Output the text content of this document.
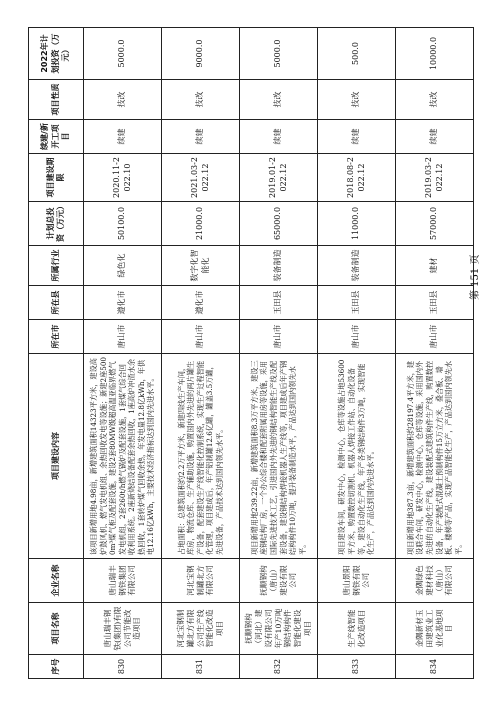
序号	项目名称	企业名称	项目建设内容	所在市	所在县	所属行业	计划总投资（万元）	项目建设期限	续建/新开工项目	项目性质	2022年计划投资（万元）
830	唐山瑞丰钢铁(集团)有限公司节能改造项目	唐山瑞丰钢铁集团有限公司	该项目新增用地4.98亩，新增建筑面积14323平方米，建设高炉鼓风机、燃气发电机组、余热回收发电等设施；新建2座5000m³煤气柜及配套设施，建设2套80MW级超高温亚临界燃气发电机组，2套260t/h燃气锅炉及配套设施，1套煤气综合回收利用系统。2座新烧结设备配套余热回收，1座高炉冲渣水余热回收，1套转炉煤气回收余热，年发电量12.8亿kWh，年供电12.16亿kWh，主要技术经济指标达到国内先进水平。	唐山市	遵化市	绿色化	50100.0	2020.11-2022.10	续建	技改	5000.0
831	河北宝钢制罐北方有限公司生产线智能化改造项目	河北宝钢制罐北方有限公司	占地面积：总建筑面积约2.2万平方米，新建四线生产车间，库房，物流仓库、生产辅助设施，购置国内外先进的两片罐生产设备，配套建设生产线智能化控制系统，实现生产过程智能化管理，项目建成后，年产铝制罐12.6亿罐，罐盖3.5万罐，先进设备，产品技术达到国内领先水平。	唐山市	遵化市	数字化智能化	21000.0	2021.03-2022.12	续建	技改	9000.0
832	抚顺钢构（河北）建设有限公司年产10万吨钢结构构件智能化建设项目	抚顺钢构（唐山）建设有限公司	项目新增用地239.22亩，新增建筑面积8.3万平方米，建设三座钢结构厂房，一个办公综合楼和配套附属用房等设施，采用国际先进技术工艺，引进国内外先进的钢结构智能生产线及配套设备，建设钢结构焊接机器人生产线等，项目建成后年产钢结构构件10万吨，提升装备制造水平，产品达到国内领先水平。	唐山市	玉田县	装备制造	65000.0	2019.01-2022.12	续建	技改	5000.0
833	生产线智能化改造项目	唐山景阳钢铁有限公司	项目建设车间，研发中心，检测中心，仓库等设施占地53600平方米，购置数控切割机、机器人焊接工作站、自动化设备等，建设自动化生产线，年产各类钢结构件3万吨，实现智能化生产，产品达到国内先进水平。	唐山市	玉田县	装备制造	11000.0	2018.08-2022.12	续建	技改	500.0
834	金隅新材玉田建筑业工业化基地项目	金隅绿色建材科技（唐山）有限公司	项目新增用地387.3亩，新增建筑面积约28197.4平方米，建设联合车间，研发中心，检测中心，仓库等设施，采用国内外先进的自动化生产线，建设装配式建筑构件生产线，购置数控设备，年产装配式混凝土预制构件15万立方米，叠合板、墙板、楼梯等产品，实现产品智能化生产，产品达到国内领先水平。	唐山市	玉田县	建材	57000.0	2019.03-2022.12	续建	技改	10000.0
第 151 页
